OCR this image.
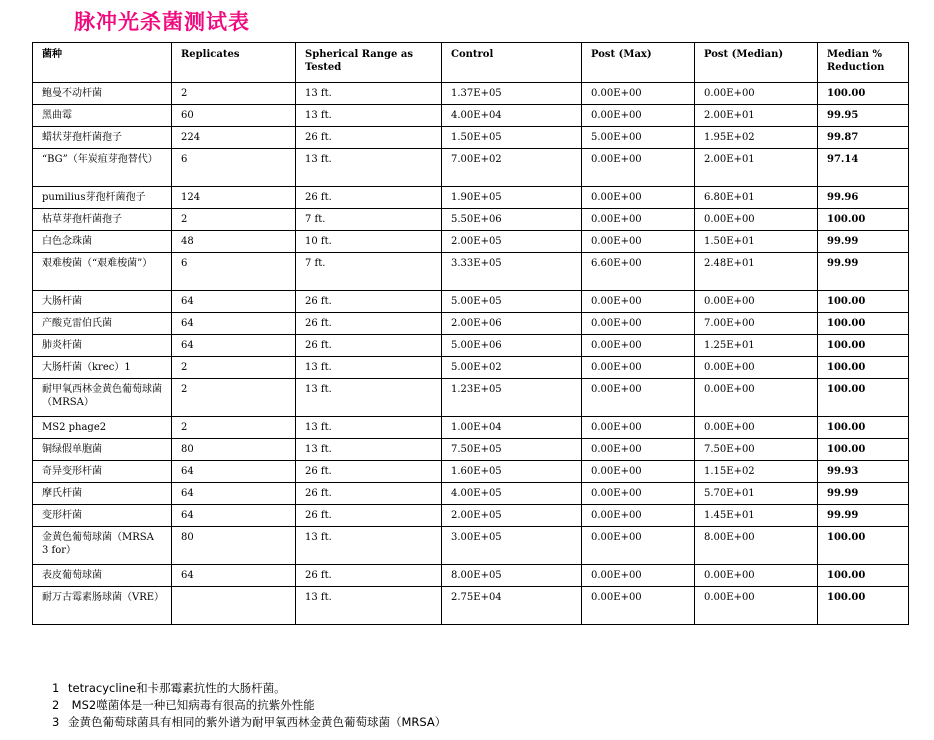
脉冲光杀菌测试表
菌种	Replicates	Spherical Range as Tested	Control	Post (Max)	Post (Median)	Median % Reduction
鲍曼不动杆菌	2	13 ft.	1.37E+05	0.00E+00	0.00E+00	100.00
黑曲霉	60	13 ft.	4.00E+04	0.00E+00	2.00E+01	99.95
蜡状芽孢杆菌孢子	224	26 ft.	1.50E+05	5.00E+00	1.95E+02	99.87
“BG”（年炭疽芽孢替代）	6	13 ft.	7.00E+02	0.00E+00	2.00E+01	97.14
pumilius芽孢杆菌孢子	124	26 ft.	1.90E+05	0.00E+00	6.80E+01	99.96
枯草芽孢杆菌孢子	2	7 ft.	5.50E+06	0.00E+00	0.00E+00	100.00
白色念珠菌	48	10 ft.	2.00E+05	0.00E+00	1.50E+01	99.99
艰难梭菌（“艰难梭菌”）	6	7 ft.	3.33E+05	6.60E+00	2.48E+01	99.99
大肠杆菌	64	26 ft.	5.00E+05	0.00E+00	0.00E+00	100.00
产酸克雷伯氏菌	64	26 ft.	2.00E+06	0.00E+00	7.00E+00	100.00
肺炎杆菌	64	26 ft.	5.00E+06	0.00E+00	1.25E+01	100.00
大肠杆菌（krec）1	2	13 ft.	5.00E+02	0.00E+00	0.00E+00	100.00
耐甲氧西林金黄色葡萄球菌（MRSA）	2	13 ft.	1.23E+05	0.00E+00	0.00E+00	100.00
MS2 phage2	2	13 ft.	1.00E+04	0.00E+00	0.00E+00	100.00
铜绿假单胞菌	80	13 ft.	7.50E+05	0.00E+00	7.50E+00	100.00
奇异变形杆菌	64	26 ft.	1.60E+05	0.00E+00	1.15E+02	99.93
摩氏杆菌	64	26 ft.	4.00E+05	0.00E+00	5.70E+01	99.99
变形杆菌	64	26 ft.	2.00E+05	0.00E+00	1.45E+01	99.99
金黄色葡萄球菌（MRSA 3 for）	80	13 ft.	3.00E+05	0.00E+00	8.00E+00	100.00
表皮葡萄球菌	64	26 ft.	8.00E+05	0.00E+00	0.00E+00	100.00
耐万古霉素肠球菌（VRE）		13 ft.	2.75E+04	0.00E+00	0.00E+00	100.00
1 tetracycline和卡那霉素抗性的大肠杆菌。
2 MS2噬菌体是一种已知病毒有很高的抗紫外性能
3 金黄色葡萄球菌具有相同的紫外谱为耐甲氧西林金黄色葡萄球菌（MRSA）
